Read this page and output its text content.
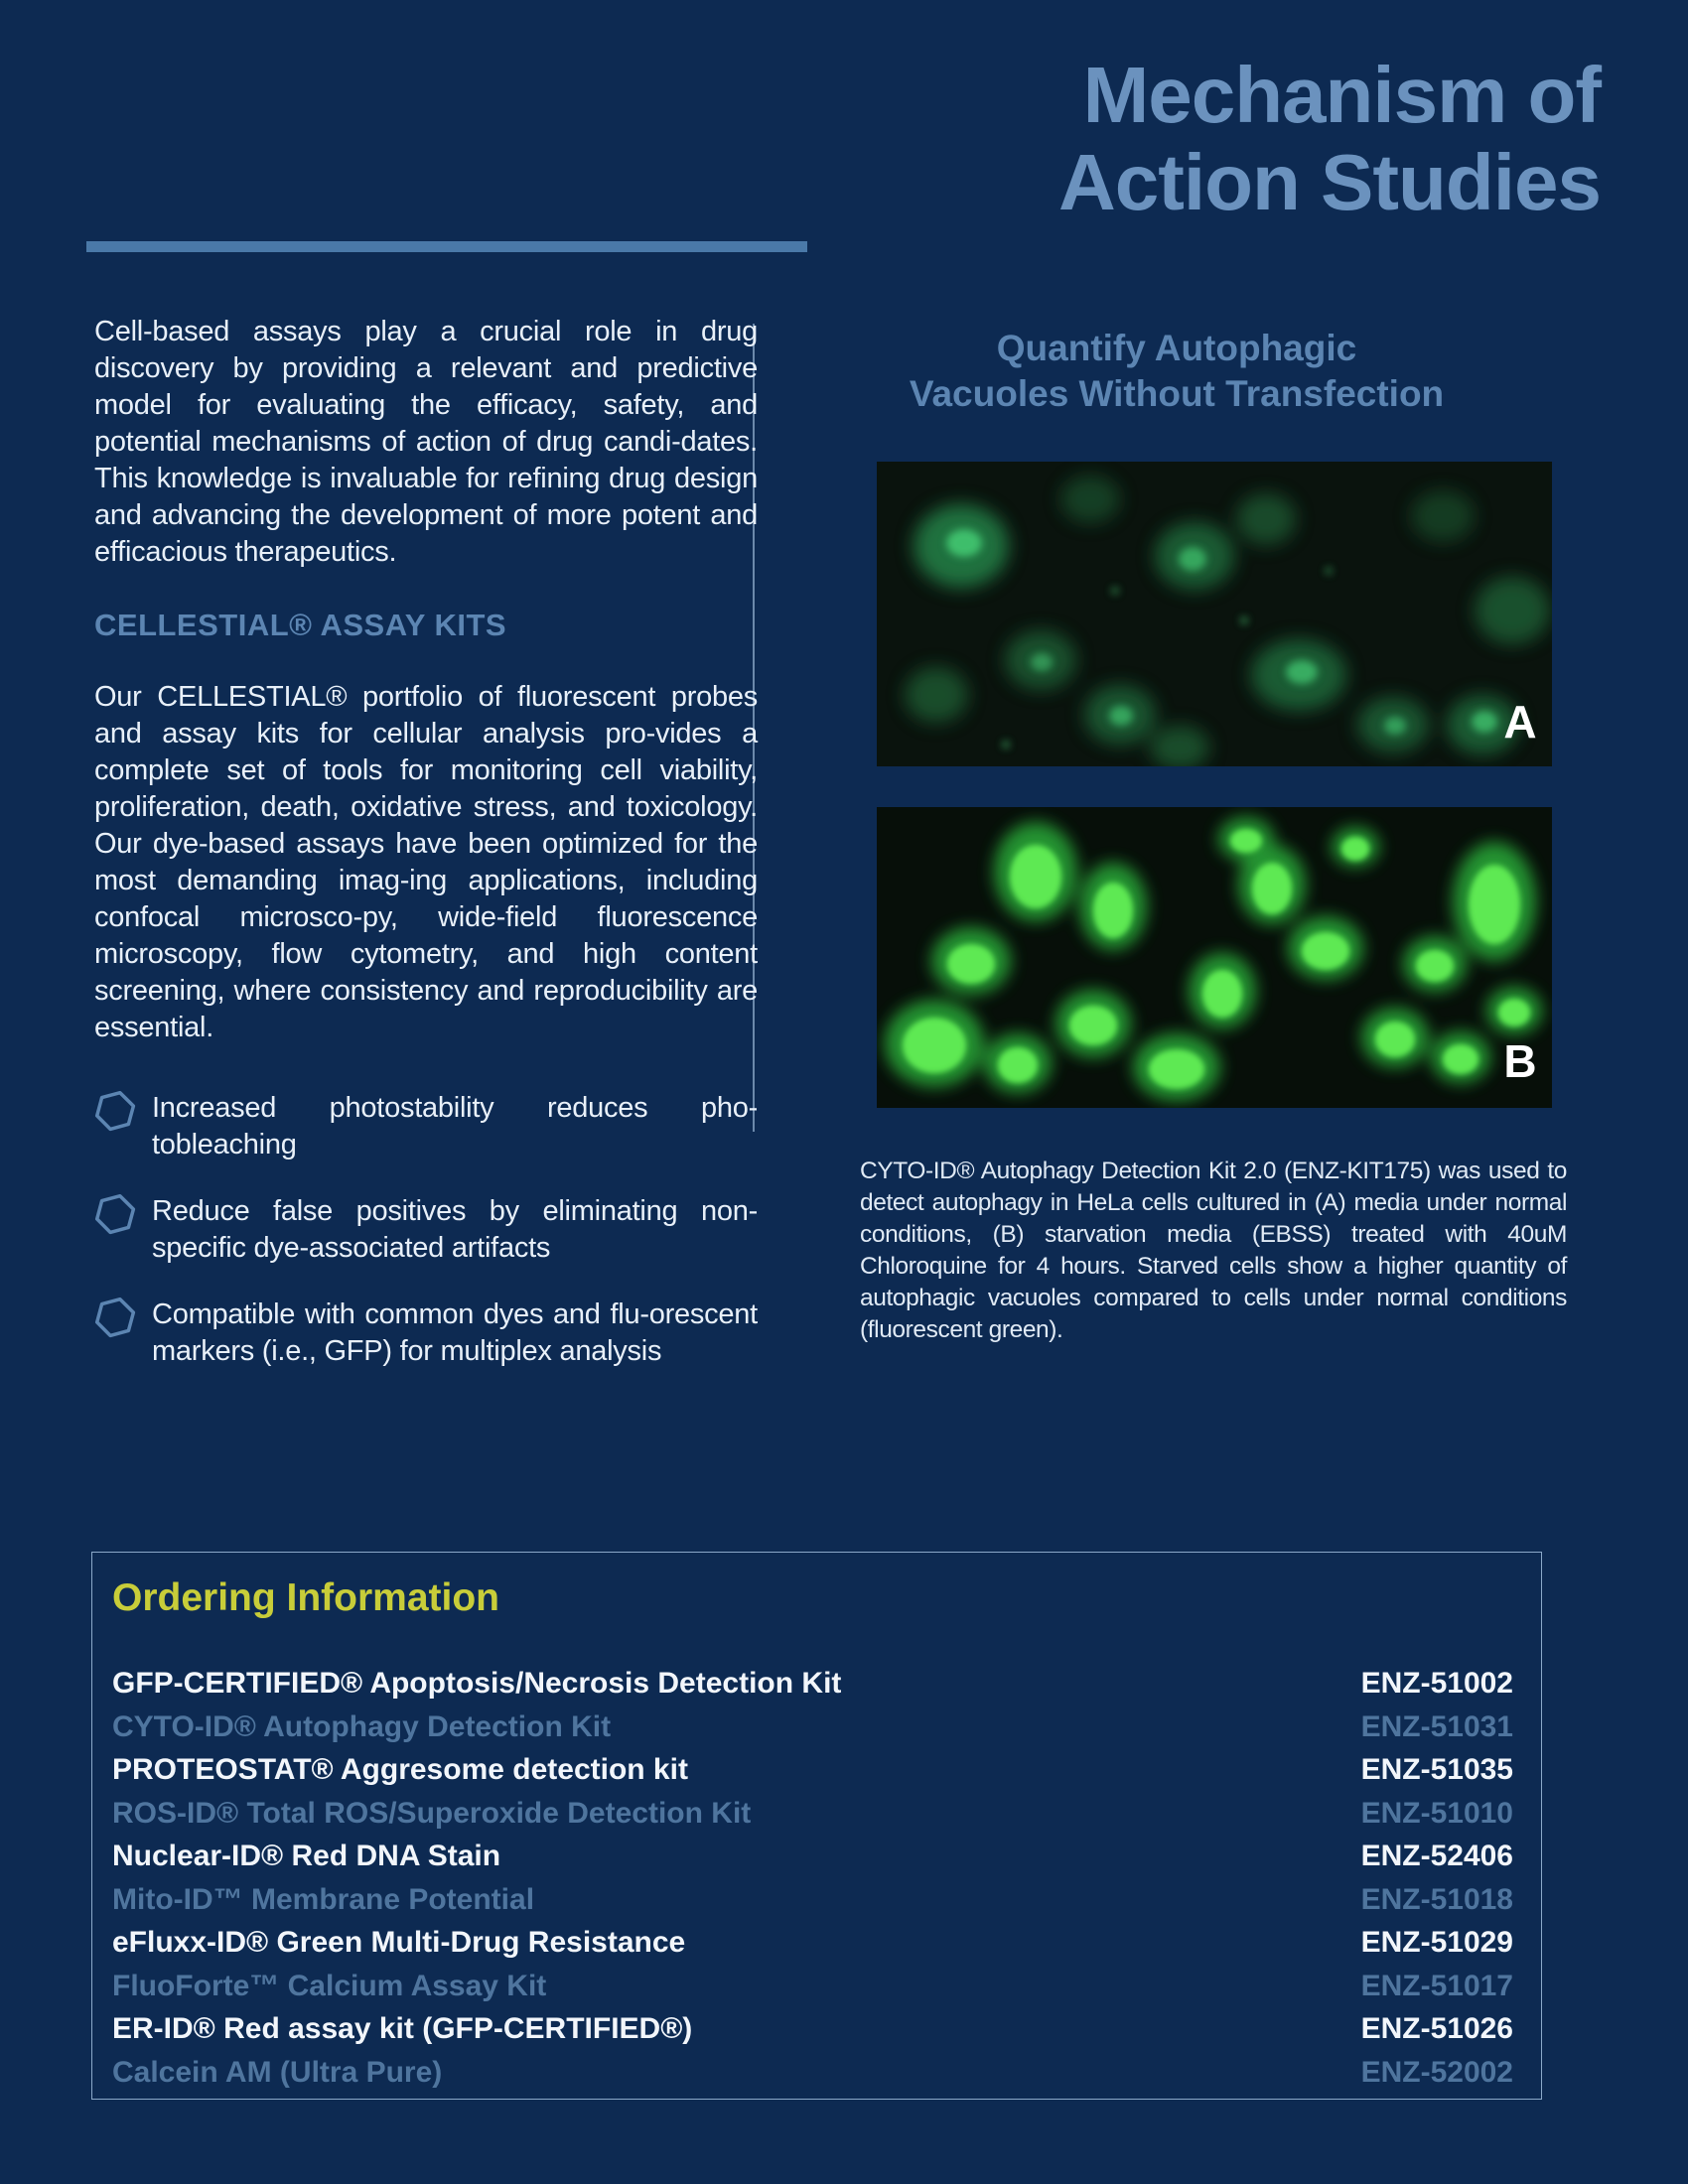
Mechanism of
Action Studies
Cell-based assays play a crucial role in drug discovery by providing a relevant and predictive model for evaluating the efficacy, safety, and potential mechanisms of action of drug candi-dates. This knowledge is invaluable for refining drug design and advancing the development of more potent and efficacious therapeutics.
CELLESTIAL® ASSAY KITS
Our CELLESTIAL® portfolio of fluorescent probes and assay kits for cellular analysis pro-vides a complete set of tools for monitoring cell viability, proliferation, death, oxidative stress, and toxicology. Our dye-based assays have been optimized for the most demanding imag-ing applications, including confocal microsco-py, wide-field fluorescence microscopy, flow cytometry, and high content screening, where consistency and reproducibility are essential.
Increased photostability reduces pho-tobleaching
Reduce false positives by eliminating non-specific dye-associated artifacts
Compatible with common dyes and flu-orescent markers (i.e., GFP) for multiplex analysis
Quantify Autophagic
Vacuoles Without Transfection
A
B
CYTO-ID® Autophagy Detection Kit 2.0 (ENZ-KIT175) was used to detect autophagy in HeLa cells cultured in (A) media under normal conditions, (B) starvation media (EBSS) treated with 40uM Chloroquine for 4 hours. Starved cells show a higher quantity of autophagic vacuoles compared to cells under normal conditions (fluorescent green).
Ordering Information
GFP-CERTIFIED® Apoptosis/Necrosis Detection Kit	ENZ-51002
CYTO-ID® Autophagy Detection Kit	ENZ-51031
PROTEOSTAT® Aggresome detection kit	ENZ-51035
ROS-ID® Total ROS/Superoxide Detection Kit	ENZ-51010
Nuclear-ID® Red DNA Stain	ENZ-52406
Mito-ID™ Membrane Potential	ENZ-51018
eFluxx-ID® Green Multi-Drug Resistance	ENZ-51029
FluoForte™ Calcium Assay Kit	ENZ-51017
ER-ID® Red assay kit (GFP-CERTIFIED®)	ENZ-51026
Calcein AM (Ultra Pure)	ENZ-52002
